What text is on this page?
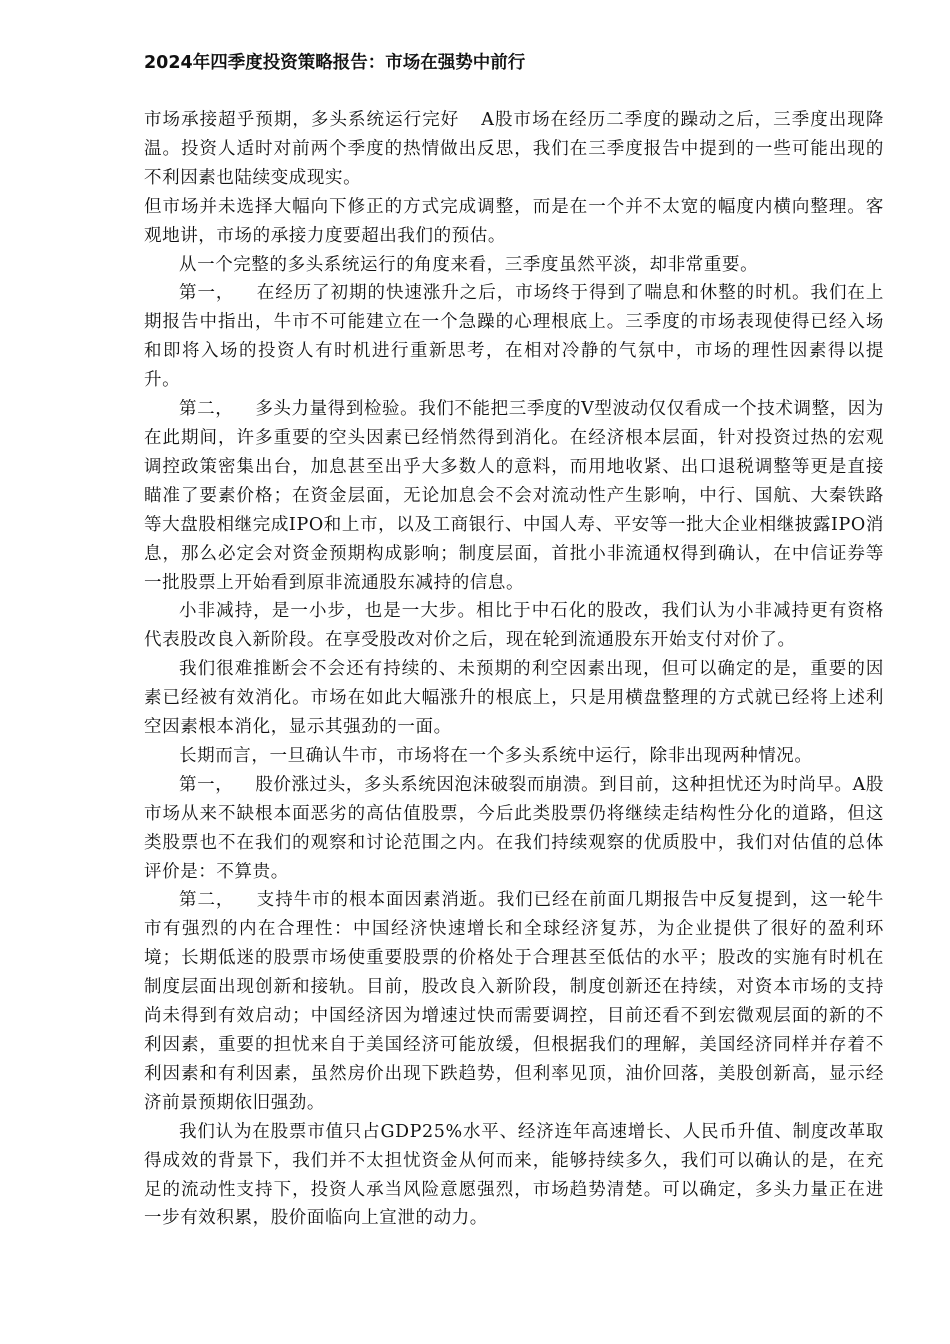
2024年四季度投资策略报告：市场在强势中前行

市场承接超乎预期，多头系统运行完好 A股市场在经历二季度的躁动之后，三季度出现降温。投资人适时对前两个季度的热情做出反思，我们在三季度报告中提到的一些可能出现的不利因素也陆续变成现实。

但市场并未选择大幅向下修正的方式完成调整，而是在一个并不太宽的幅度内横向整理。客观地讲，市场的承接力度要超出我们的预估。

从一个完整的多头系统运行的角度来看，三季度虽然平淡，却非常重要。

第一， 在经历了初期的快速涨升之后，市场终于得到了喘息和休整的时机。我们在上期报告中指出，牛市不可能建立在一个急躁的心理根底上。三季度的市场表现使得已经入场和即将入场的投资人有时机进行重新思考，在相对冷静的气氛中，市场的理性因素得以提升。

第二， 多头力量得到检验。我们不能把三季度的V型波动仅仅看成一个技术调整，因为在此期间，许多重要的空头因素已经悄然得到消化。在经济根本层面，针对投资过热的宏观调控政策密集出台，加息甚至出乎大多数人的意料，而用地收紧、出口退税调整等更是直接瞄准了要素价格；在资金层面，无论加息会不会对流动性产生影响，中行、国航、大秦铁路等大盘股相继完成IPO和上市，以及工商银行、中国人寿、平安等一批大企业相继披露IPO消息，那么必定会对资金预期构成影响；制度层面，首批小非流通权得到确认，在中信证券等一批股票上开始看到原非流通股东减持的信息。

小非减持，是一小步，也是一大步。相比于中石化的股改，我们认为小非减持更有资格代表股改良入新阶段。在享受股改对价之后，现在轮到流通股东开始支付对价了。

我们很难推断会不会还有持续的、未预期的利空因素出现，但可以确定的是，重要的因素已经被有效消化。市场在如此大幅涨升的根底上，只是用横盘整理的方式就已经将上述利空因素根本消化，显示其强劲的一面。

长期而言，一旦确认牛市，市场将在一个多头系统中运行，除非出现两种情况。

第一， 股价涨过头，多头系统因泡沫破裂而崩溃。到目前，这种担忧还为时尚早。A股市场从来不缺根本面恶劣的高估值股票，今后此类股票仍将继续走结构性分化的道路，但这类股票也不在我们的观察和讨论范围之内。在我们持续观察的优质股中，我们对估值的总体评价是：不算贵。

第二， 支持牛市的根本面因素消逝。我们已经在前面几期报告中反复提到，这一轮牛市有强烈的内在合理性：中国经济快速增长和全球经济复苏，为企业提供了很好的盈利环境；长期低迷的股票市场使重要股票的价格处于合理甚至低估的水平；股改的实施有时机在制度层面出现创新和接轨。目前，股改良入新阶段，制度创新还在持续，对资本市场的支持尚未得到有效启动；中国经济因为增速过快而需要调控，目前还看不到宏微观层面的新的不利因素，重要的担忧来自于美国经济可能放缓，但根据我们的理解，美国经济同样并存着不利因素和有利因素，虽然房价出现下跌趋势，但利率见顶，油价回落，美股创新高，显示经济前景预期依旧强劲。

我们认为在股票市值只占GDP25%水平、经济连年高速增长、人民币升值、制度改革取得成效的背景下，我们并不太担忧资金从何而来，能够持续多久，我们可以确认的是，在充足的流动性支持下，投资人承当风险意愿强烈，市场趋势清楚。可以确定，多头力量正在进一步有效积累，股价面临向上宣泄的动力。
